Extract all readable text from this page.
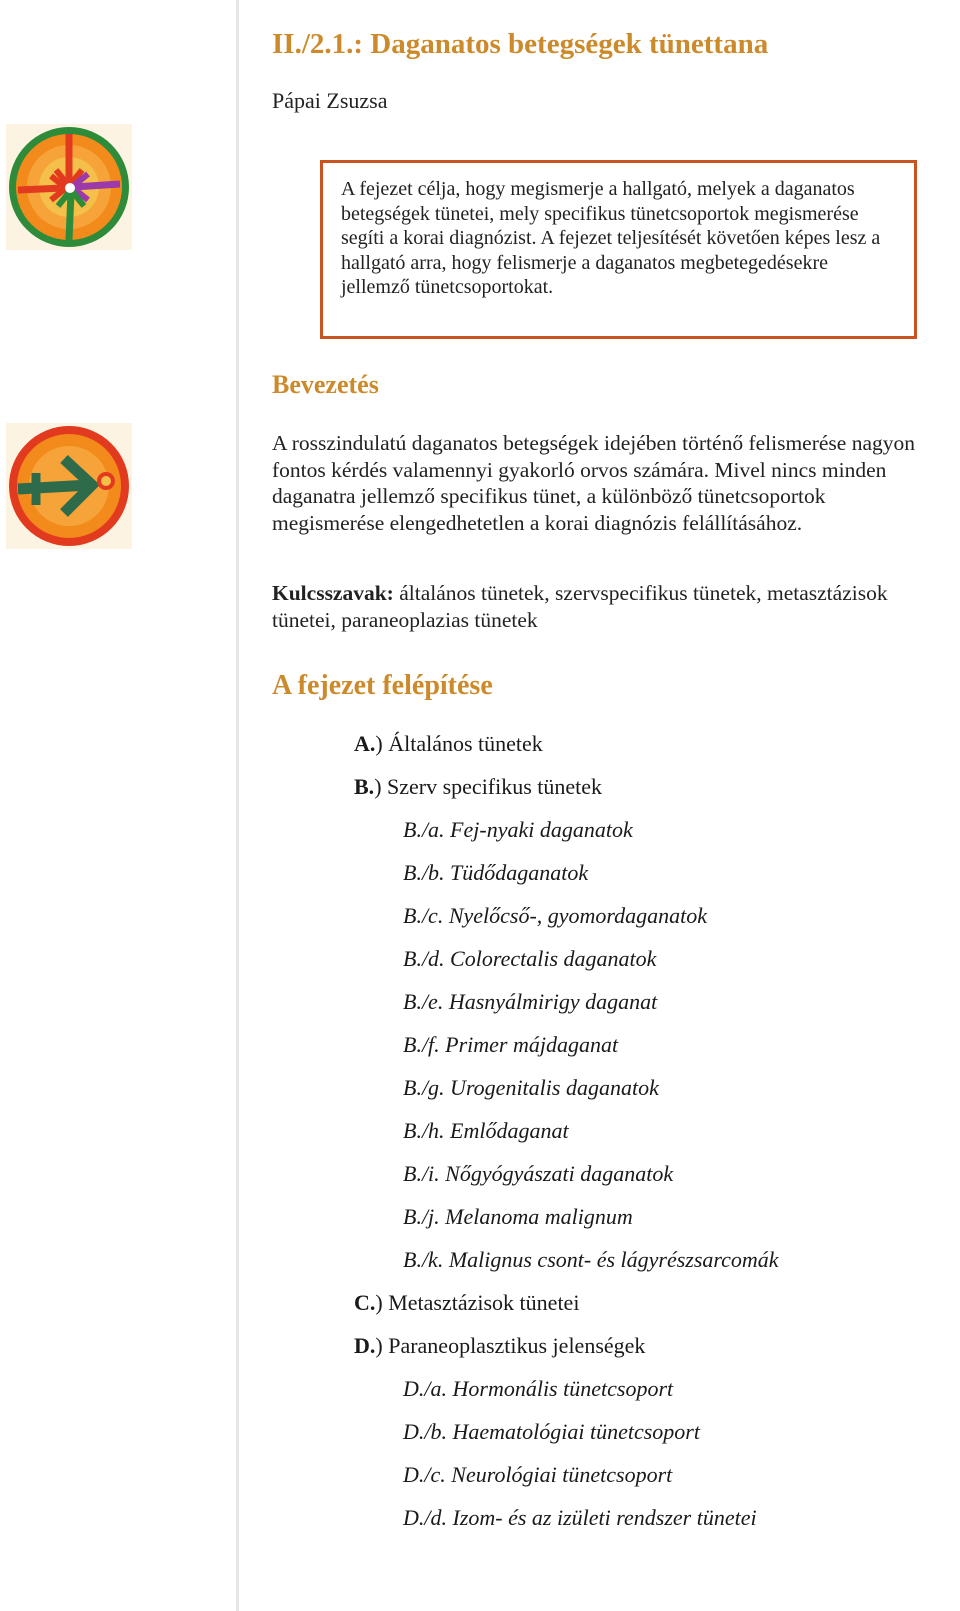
II./2.1.: Daganatos betegségek tünettana
Pápai Zsuzsa
A fejezet célja, hogy megismerje a hallgató, melyek a daganatos betegségek tünetei, mely specifikus tünetcsoportok megismerése segíti a korai diagnózist. A fejezet teljesítését követően képes lesz a hallgató arra, hogy felismerje a daganatos megbetegedésekre jellemző tünetcsoportokat.
Bevezetés
A rosszindulatú daganatos betegségek idejében történő felismerése nagyon fontos kérdés valamennyi gyakorló orvos számára. Mivel nincs minden daganatra jellemző specifikus tünet, a különböző tünetcsoportok megismerése elengedhetetlen a korai diagnózis felállításához.
Kulcsszavak: általános tünetek, szervspecifikus tünetek, metasztázisok tünetei, paraneoplazias tünetek
A fejezet felépítése
A.) Általános tünetek
B.) Szerv specifikus tünetek
B./a. Fej-nyaki daganatok
B./b. Tüdődaganatok
B./c. Nyelőcső-, gyomordaganatok
B./d. Colorectalis daganatok
B./e. Hasnyálmirigy daganat
B./f. Primer májdaganat
B./g. Urogenitalis daganatok
B./h. Emlődaganat
B./i. Nőgyógyászati daganatok
B./j. Melanoma malignum
B./k. Malignus csont- és lágyrészsarcomák
C.) Metasztázisok tünetei
D.) Paraneoplasztikus jelenségek
D./a. Hormonális tünetcsoport
D./b. Haematológiai tünetcsoport
D./c. Neurológiai tünetcsoport
D./d. Izom- és az izületi rendszer tünetei
